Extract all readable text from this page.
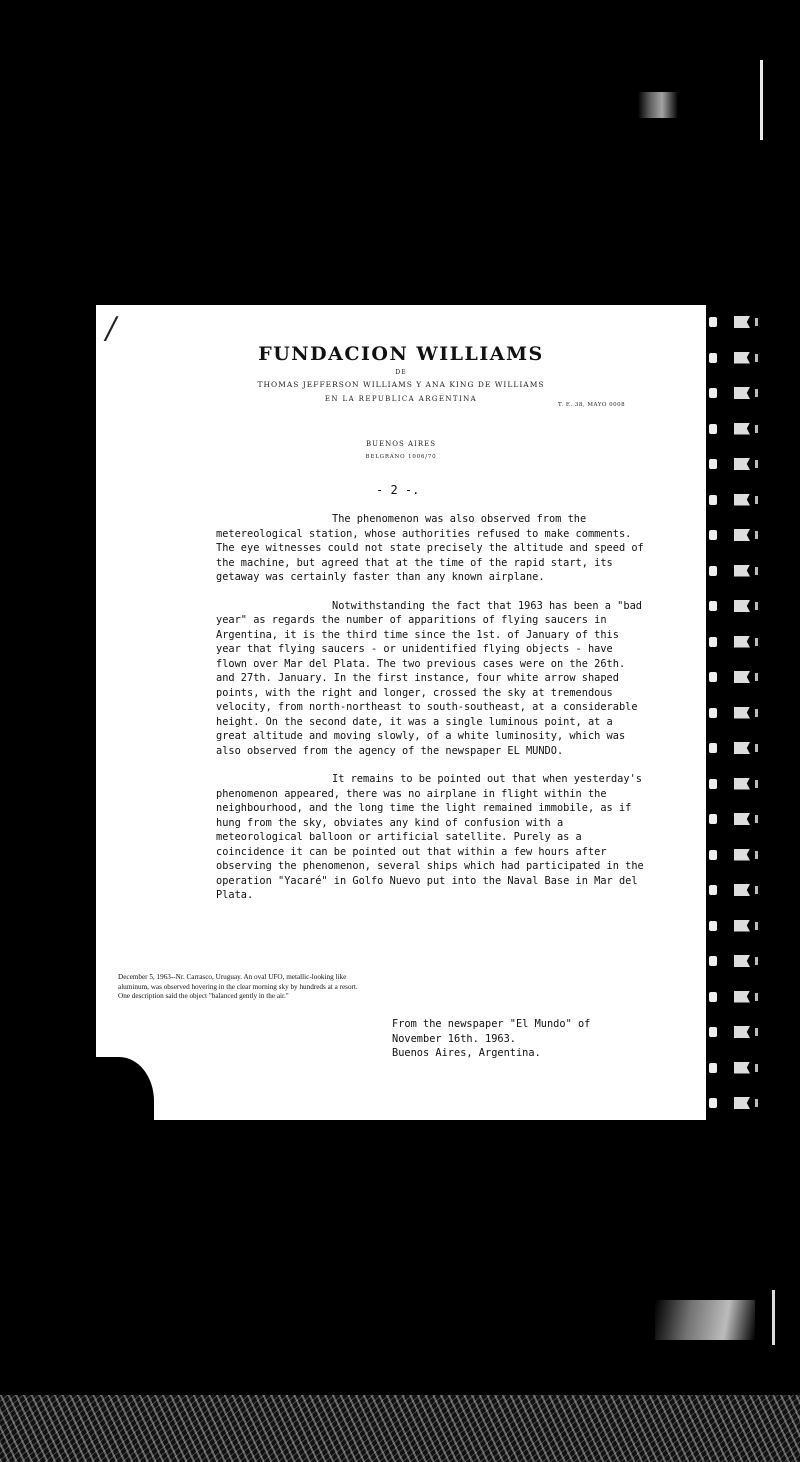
/
FUNDACION WILLIAMS
DE
THOMAS JEFFERSON WILLIAMS Y ANA KING DE WILLIAMS
EN LA REPUBLICA ARGENTINA
T. E. 38, MAYO 0008
BUENOS AIRES
BELGRANO 1006/70
- 2 -.

The phenomenon was also observed from the metereological station, whose authorities refused to make comments. The eye witnesses could not state precisely the altitude and speed of the machine, but agreed that at the time of the rapid start, its getaway was certainly faster than any known airplane.

Notwithstanding the fact that 1963 has been a "bad year" as regards the number of apparitions of flying saucers in Argentina, it is the third time since the 1st. of January of this year that flying saucers - or unidentified flying objects - have flown over Mar del Plata. The two previous cases were on the 26th. and 27th. January. In the first instance, four white arrow shaped points, with the right and longer, crossed the sky at tremendous velocity, from north-northeast to south-southeast, at a considerable height. On the second date, it was a single luminous point, at a great altitude and moving slowly, of a white luminosity, which was also observed from the agency of the newspaper EL MUNDO.

It remains to be pointed out that when yesterday's phenomenon appeared, there was no airplane in flight within the neighbourhood, and the long time the light remained immobile, as if hung from the sky, obviates any kind of confusion with a meteorological balloon or artificial satellite. Purely as a coincidence it can be pointed out that within a few hours after observing the phenomenon, several ships which had participated in the operation "Yacaré" in Golfo Nuevo put into the Naval Base in Mar del Plata.

December 5, 1963--Nr. Carrasco, Uruguay. An oval UFO, metallic-looking like aluminum, was observed hovering in the clear morning sky by hundreds at a resort. One description said the object "balanced gently in the air."
From the newspaper "El Mundo" of
November 16th. 1963.
Buenos Aires, Argentina.
